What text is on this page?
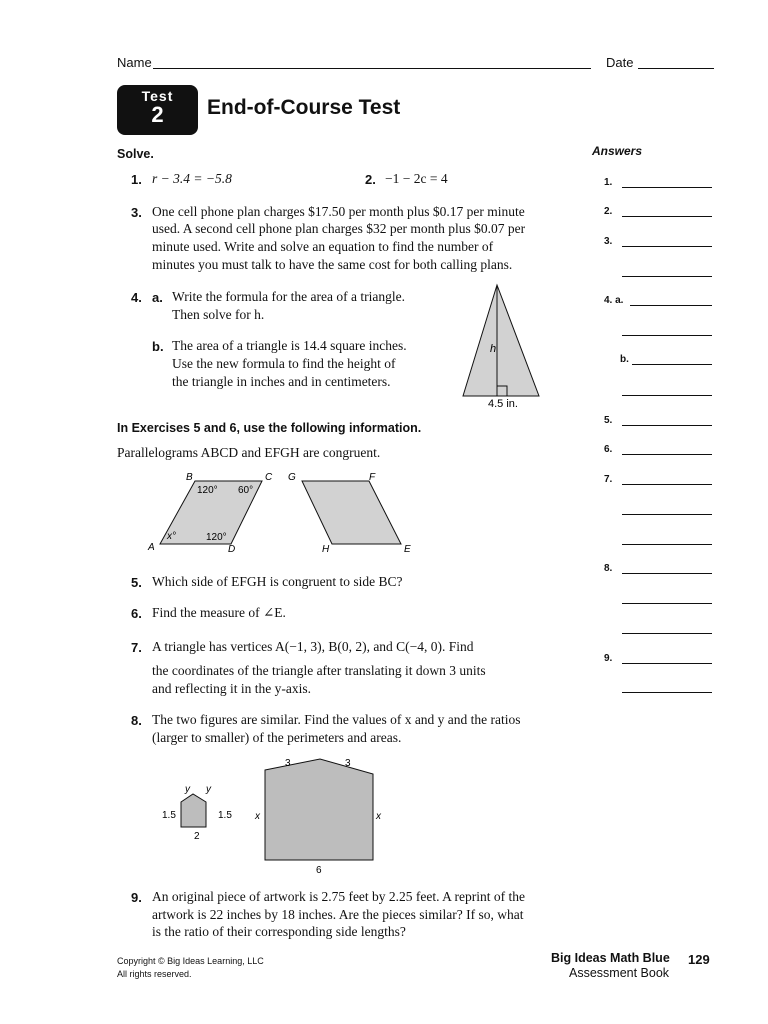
Name	Date
Test
2	End-of-Course Test
Solve.	Answers
1. r − 3.4 = −5.8	2. −1 − 2c = 4
3. One cell phone plan charges $17.50 per month plus $0.17 per minute
used. A second cell phone plan charges $32 per month plus $0.07 per
minute used. Write and solve an equation to find the number of
minutes you must talk to have the same cost for both calling plans.
4. a. Write the formula for the area of a triangle.
Then solve for h.
b. The area of a triangle is 14.4 square inches.
Use the new formula to find the height of
the triangle in inches and in centimeters.
h
4.5 in.
In Exercises 5 and 6, use the following information.
Parallelograms ABCD and EFGH are congruent.
B	C
A	D
G	F
H	E
x°
120° 60°
120°
5. Which side of EFGH is congruent to side BC?
6. Find the measure of ∠E.
7. A triangle has vertices A(−1, 3), B(0, 2), and C(−4, 0). Find
the coordinates of the triangle after translating it down 3 units
and reflecting it in the y-axis.
8. The two figures are similar. Find the values of x and y and the ratios
(larger to smaller) of the perimeters and areas.
y y
1.5	1.5
2
3	3
x	x
6
9. An original piece of artwork is 2.75 feet by 2.25 feet. A reprint of the
artwork is 22 inches by 18 inches. Are the pieces similar? If so, what
is the ratio of their corresponding side lengths?
1.
2.
3.
4. a.
b.
5.
6.
7.
8.
9.
Copyright © Big Ideas Learning, LLC
All rights reserved.
Big Ideas Math Blue
Assessment Book
129
